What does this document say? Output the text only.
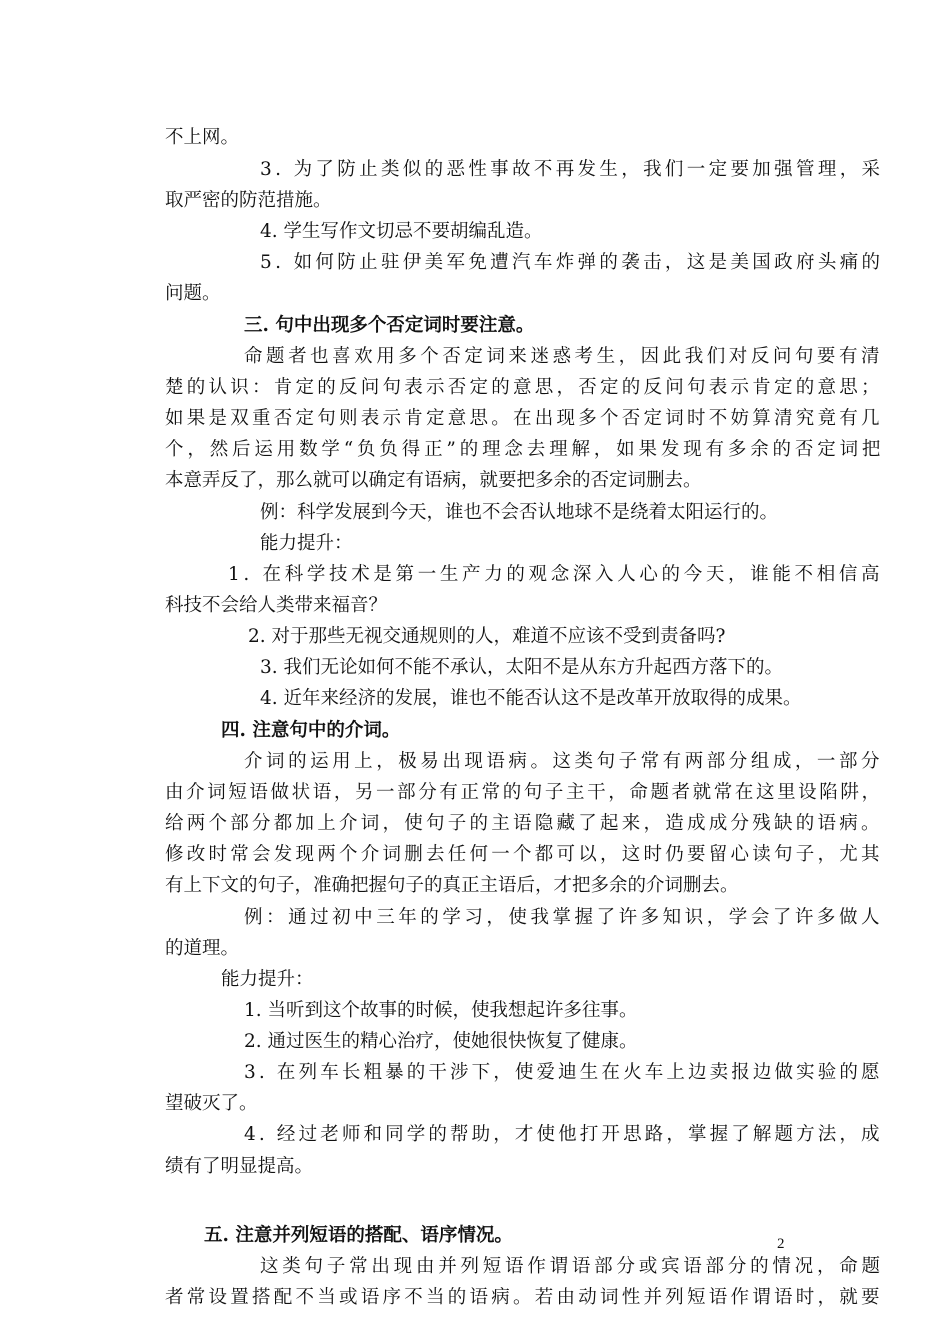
不上网。
3. 为了防止类似的恶性事故不再发生，我们一定要加强管理，采
取严密的防范措施。
4. 学生写作文切忌不要胡编乱造。
5. 如何防止驻伊美军免遭汽车炸弹的袭击，这是美国政府头痛的
问题。
三. 句中出现多个否定词时要注意。
命题者也喜欢用多个否定词来迷惑考生，因此我们对反问句要有清
楚的认识：肯定的反问句表示否定的意思，否定的反问句表示肯定的意思；
如果是双重否定句则表示肯定意思。在出现多个否定词时不妨算清究竟有几
个，然后运用数学“负负得正”的理念去理解，如果发现有多余的否定词把
本意弄反了，那么就可以确定有语病，就要把多余的否定词删去。
例：科学发展到今天，谁也不会否认地球不是绕着太阳运行的。
能力提升：
1. 在科学技术是第一生产力的观念深入人心的今天，谁能不相信高
科技不会给人类带来福音？
2. 对于那些无视交通规则的人，难道不应该不受到责备吗?
3. 我们无论如何不能不承认，太阳不是从东方升起西方落下的。
4. 近年来经济的发展，谁也不能否认这不是改革开放取得的成果。
四. 注意句中的介词。
介词的运用上，极易出现语病。这类句子常有两部分组成，一部分
由介词短语做状语，另一部分有正常的句子主干，命题者就常在这里设陷阱，
给两个部分都加上介词，使句子的主语隐藏了起来，造成成分残缺的语病。
修改时常会发现两个介词删去任何一个都可以，这时仍要留心读句子，尤其
有上下文的句子，准确把握句子的真正主语后，才把多余的介词删去。
例：通过初中三年的学习，使我掌握了许多知识，学会了许多做人
的道理。
能力提升：
1. 当听到这个故事的时候，使我想起许多往事。
2. 通过医生的精心治疗，使她很快恢复了健康。
3. 在列车长粗暴的干涉下，使爱迪生在火车上边卖报边做实验的愿
望破灭了。
4. 经过老师和同学的帮助，才使他打开思路，掌握了解题方法，成
绩有了明显提高。
五. 注意并列短语的搭配、语序情况。
这类句子常出现由并列短语作谓语部分或宾语部分的情况，命题
者常设置搭配不当或语序不当的语病。若由动词性并列短语作谓语时，就要
2
